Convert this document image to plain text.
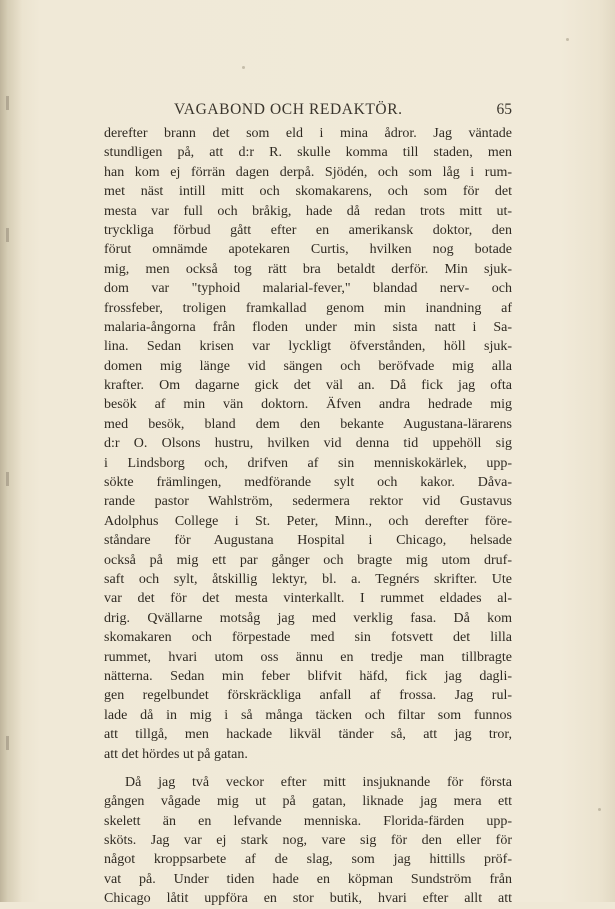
VAGABOND OCH REDAKTÖR.	65
derefter brann det som eld i mina ådror. Jag väntade
stundligen på, att d:r R. skulle komma till staden, men
han kom ej förrän dagen derpå. Sjödén, och som låg i rum-
met näst intill mitt och skomakarens, och som för det
mesta var full och bråkig, hade då redan trots mitt ut-
tryckliga förbud gått efter en amerikansk doktor, den
förut omnämde apotekaren Curtis, hvilken nog botade
mig, men också tog rätt bra betaldt derför. Min sjuk-
dom var "typhoid malarial-fever," blandad nerv- och
frossfeber, troligen framkallad genom min inandning af
malaria-ångorna från floden under min sista natt i Sa-
lina. Sedan krisen var lyckligt öfverstånden, höll sjuk-
domen mig länge vid sängen och beröfvade mig alla
krafter. Om dagarne gick det väl an. Då fick jag ofta
besök af min vän doktorn. Äfven andra hedrade mig
med besök, bland dem den bekante Augustana-lärarens
d:r O. Olsons hustru, hvilken vid denna tid uppehöll sig
i Lindsborg och, drifven af sin menniskokärlek, upp-
sökte främlingen, medförande sylt och kakor. Dåva-
rande pastor Wahlström, sedermera rektor vid Gustavus
Adolphus College i St. Peter, Minn., och derefter före-
ståndare för Augustana Hospital i Chicago, helsade
också på mig ett par gånger och bragte mig utom druf-
saft och sylt, åtskillig lektyr, bl. a. Tegnérs skrifter. Ute
var det för det mesta vinterkallt. I rummet eldades al-
drig. Qvällarne motsåg jag med verklig fasa. Då kom
skomakaren och förpestade med sin fotsvett det lilla
rummet, hvari utom oss ännu en tredje man tillbragte
nätterna. Sedan min feber blifvit häfd, fick jag dagli-
gen regelbundet förskräckliga anfall af frossa. Jag rul-
lade då in mig i så många täcken och filtar som funnos
att tillgå, men hackade likväl tänder så, att jag tror,
att det hördes ut på gatan.
Då jag två veckor efter mitt insjuknande för första
gången vågade mig ut på gatan, liknade jag mera ett
skelett än en lefvande menniska. Florida-färden upp-
sköts. Jag var ej stark nog, vare sig för den eller för
något kroppsarbete af de slag, som jag hittills pröf-
vat på. Under tiden hade en köpman Sundström från
Chicago låtit uppföra en stor butik, hvari efter allt att
